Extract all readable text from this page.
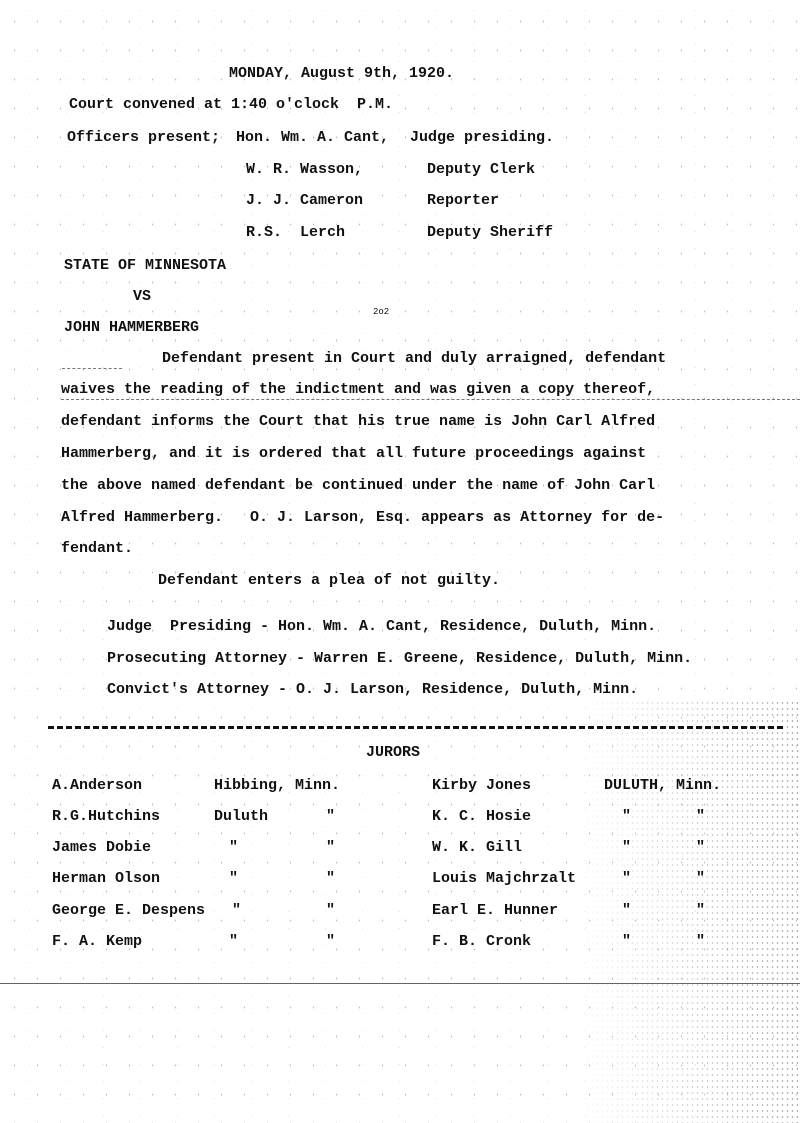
MONDAY, August 9th, 1920.
Court convened at 1:40 o'clock  P.M.
Officers present; Hon. Wm. A. Cant, Judge presiding.
W. R. Wasson,	Deputy Clerk
J. J. Cameron	Reporter
R.S.  Lerch	Deputy Sheriff
STATE OF MINNESOTA
VS
JOHN HAMMERBERG
2o2
Defendant present in Court and duly arraigned, defendant
waives the reading of the indictment and was given a copy thereof,
defendant informs the Court that his true name is John Carl Alfred
Hammerberg, and it is ordered that all future proceedings against
the above named defendant be continued under the name of John Carl
Alfred Hammerberg.   O. J. Larson, Esq. appears as Attorney for de-
fendant.
Defendant enters a plea of not guilty.
Judge  Presiding - Hon. Wm. A. Cant, Residence, Duluth, Minn.
Prosecuting Attorney - Warren E. Greene, Residence, Duluth, Minn.
Convict's Attorney - O. J. Larson, Residence, Duluth, Minn.
JURORS
A.Anderson	Hibbing, Minn.	Kirby Jones	DULUTH, Minn.
R.G.Hutchins	Duluth	"	K. C. Hosie	"	"
James Dobie	"	"	W. K. Gill	"	"
Herman Olson	"	"	Louis Majchrzalt	"	"
George E. Despens "	"	Earl E. Hunner	"	"
F. A. Kemp	"	"	F. B. Cronk	"	"
